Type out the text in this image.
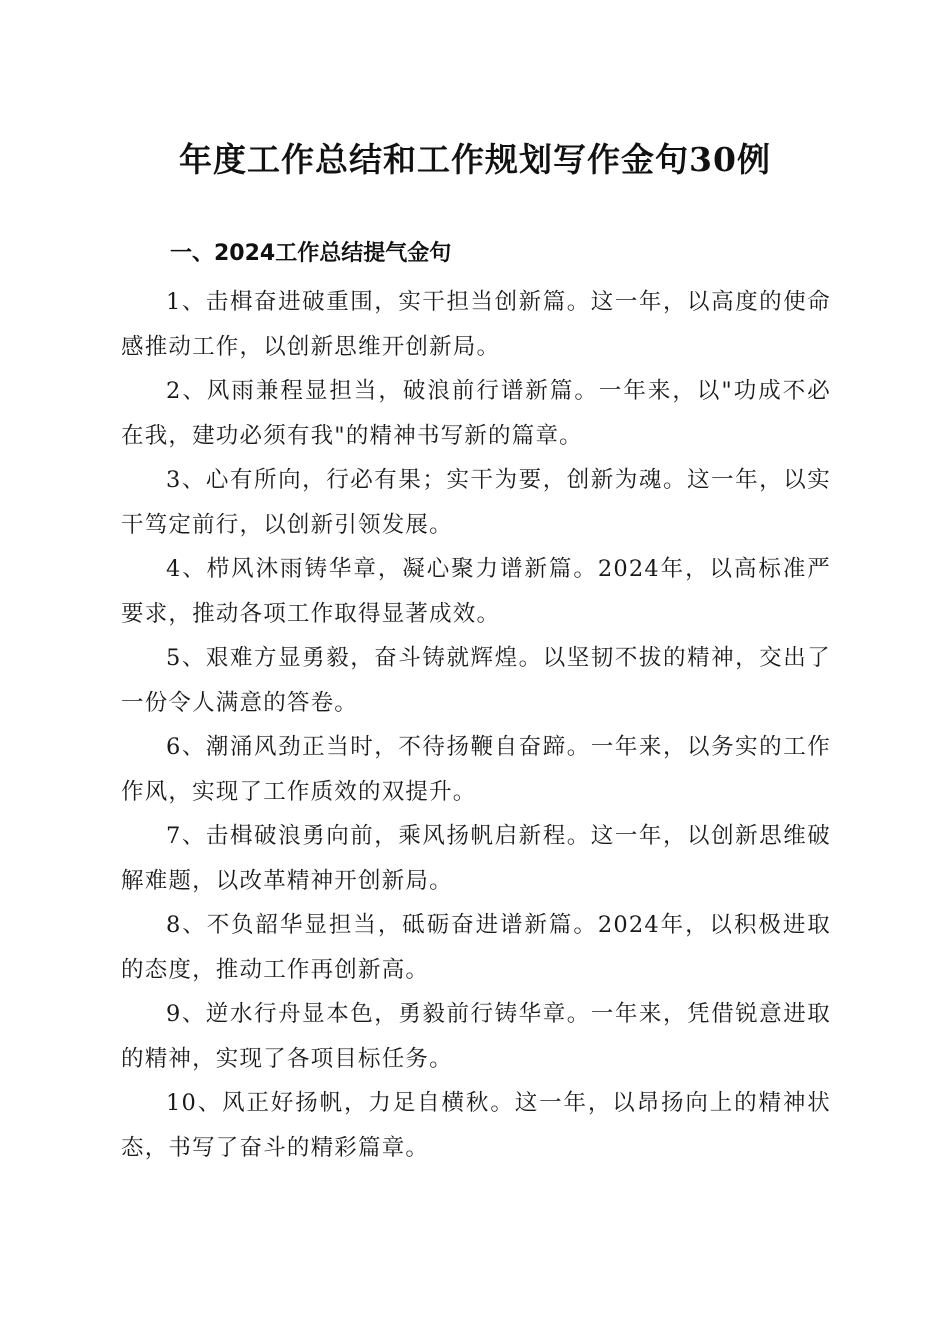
年度工作总结和工作规划写作金句30例
一、2024工作总结提气金句
1、击楫奋进破重围，实干担当创新篇。这一年，以高度的使命感推动工作，以创新思维开创新局。
2、风雨兼程显担当，破浪前行谱新篇。一年来，以"功成不必在我，建功必须有我"的精神书写新的篇章。
3、心有所向，行必有果；实干为要，创新为魂。这一年，以实干笃定前行，以创新引领发展。
4、栉风沐雨铸华章，凝心聚力谱新篇。2024年，以高标准严要求，推动各项工作取得显著成效。
5、艰难方显勇毅，奋斗铸就辉煌。以坚韧不拔的精神，交出了一份令人满意的答卷。
6、潮涌风劲正当时，不待扬鞭自奋蹄。一年来，以务实的工作作风，实现了工作质效的双提升。
7、击楫破浪勇向前，乘风扬帆启新程。这一年，以创新思维破解难题，以改革精神开创新局。
8、不负韶华显担当，砥砺奋进谱新篇。2024年，以积极进取的态度，推动工作再创新高。
9、逆水行舟显本色，勇毅前行铸华章。一年来，凭借锐意进取的精神，实现了各项目标任务。
10、风正好扬帆，力足自横秋。这一年，以昂扬向上的精神状态，书写了奋斗的精彩篇章。
